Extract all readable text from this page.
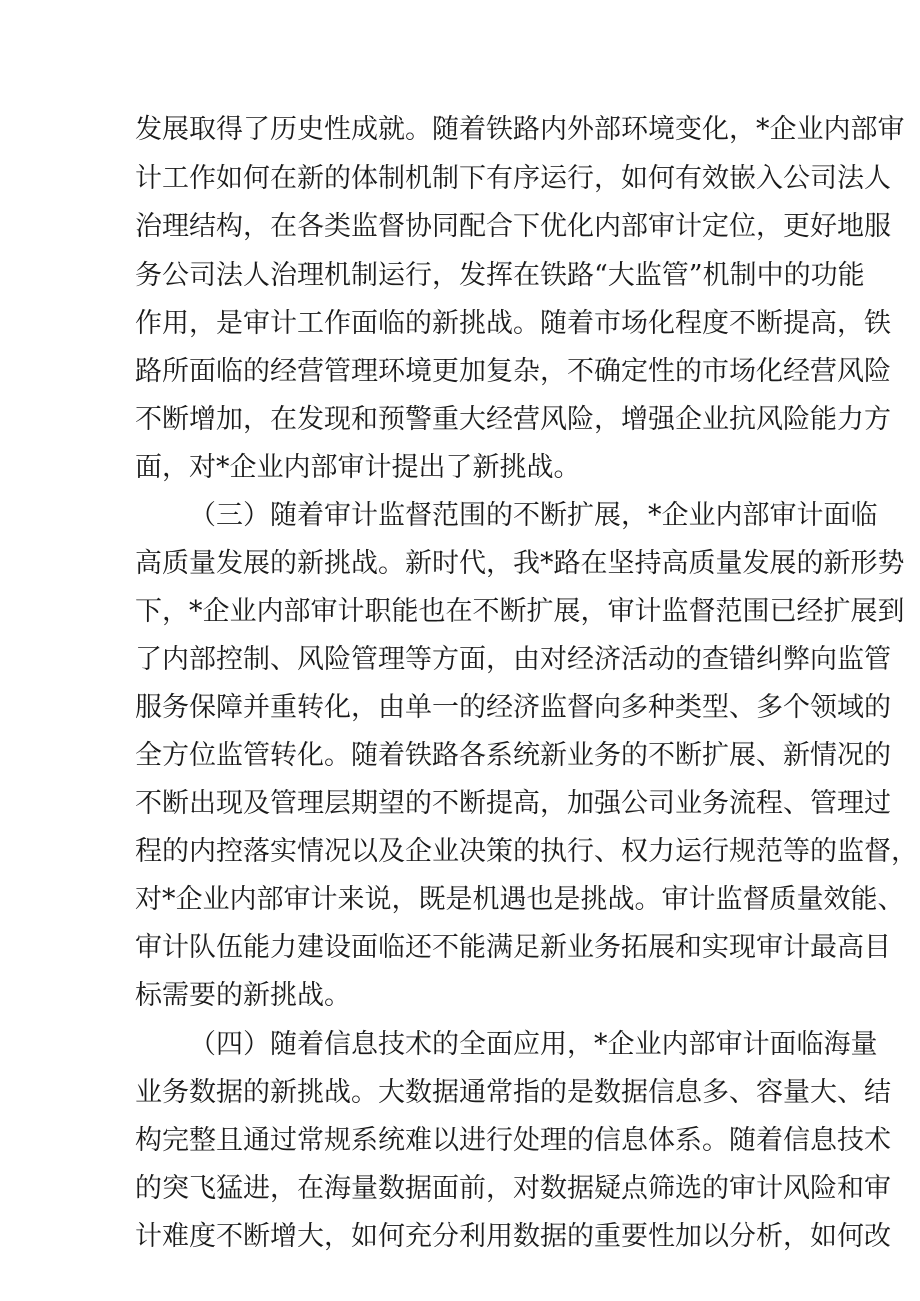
发展取得了历史性成就。随着铁路内外部环境变化，*企业内部审
计工作如何在新的体制机制下有序运行，如何有效嵌入公司法人
治理结构，在各类监督协同配合下优化内部审计定位，更好地服
务公司法人治理机制运行，发挥在铁路“大监管”机制中的功能
作用，是审计工作面临的新挑战。随着市场化程度不断提高，铁
路所面临的经营管理环境更加复杂，不确定性的市场化经营风险
不断增加，在发现和预警重大经营风险，增强企业抗风险能力方
面，对*企业内部审计提出了新挑战。
（三）随着审计监督范围的不断扩展，*企业内部审计面临
高质量发展的新挑战。新时代，我*路在坚持高质量发展的新形势
下，*企业内部审计职能也在不断扩展，审计监督范围已经扩展到
了内部控制、风险管理等方面，由对经济活动的查错纠弊向监管
服务保障并重转化，由单一的经济监督向多种类型、多个领域的
全方位监管转化。随着铁路各系统新业务的不断扩展、新情况的
不断出现及管理层期望的不断提高，加强公司业务流程、管理过
程的内控落实情况以及企业决策的执行、权力运行规范等的监督，
对*企业内部审计来说，既是机遇也是挑战。审计监督质量效能、
审计队伍能力建设面临还不能满足新业务拓展和实现审计最高目
标需要的新挑战。
（四）随着信息技术的全面应用，*企业内部审计面临海量
业务数据的新挑战。大数据通常指的是数据信息多、容量大、结
构完整且通过常规系统难以进行处理的信息体系。随着信息技术
的突飞猛进，在海量数据面前，对数据疑点筛选的审计风险和审
计难度不断增大，如何充分利用数据的重要性加以分析，如何改
